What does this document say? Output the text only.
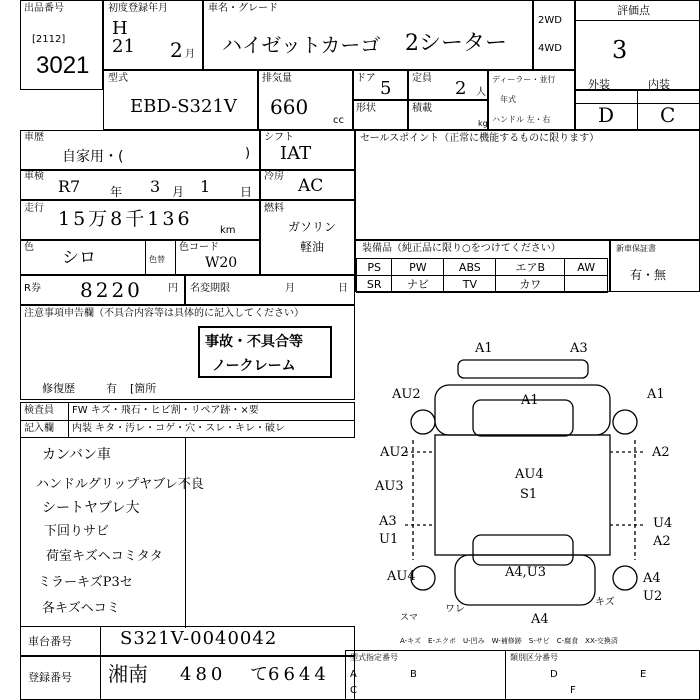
出品番号
[2112]
3021
初度登録年月
H
21 2 月
車名・グレード
ハイゼットカーゴ 2シーター
2WD
4WD
評価点
3
型式
EBD-S321V
排気量
660
cc
ドア 5 定員 2 人
ディーラー・並行
年式
ハンドル 左・右
形状	積載
kg
外装	内装
D C
車歴
自家用・(	)
シフト
IAT
セールスポイント（正常に機能するものに限ります）
車検
R7 年 3 月 1 日
冷房 AC
走行 15万8千136
km
燃料
ガソリン
軽油
色
シロ	色替
色コード
W20
装備品（純正品に限り○をつけてください）
PS	PW	ABS	エアB	AW
SR	ナビ	TV	カワ	
新車保証書
有・無
R券 8220	円 名変期限	月	日
注意事項申告欄（不具合内容等は具体的に記入してください）
事故・不具合等
ノークレーム
修復歴	有 [箇所
検査員
記入欄
FW キズ・飛石・ヒビ割・リペア跡・×要
内装 キタ・汚レ・コゲ・穴・スレ・キレ・破レ
カンバン車
ハンドルグリップヤブレ不良
シートヤブレ大
下回りサビ
荷室キズヘコミタタ
ミラーキズP3セ
各キズヘコミ
A1	A3
A1
AU2	A1
AU2	A2
AU3
AU4
S1
A3
U1
U4
A2
AU4	A4,U3	A4
U2
A4
スマ
ワレ
キズ
A-キズ　E-エクボ　U-凹み　W-補修跡　S-サビ　C-腐食　XX-交換済
車台番号	S321V-0040042
登録番号 湘南 480 て 6644
型式指定番号	類別区分番号
A	B
C
D	E
F
